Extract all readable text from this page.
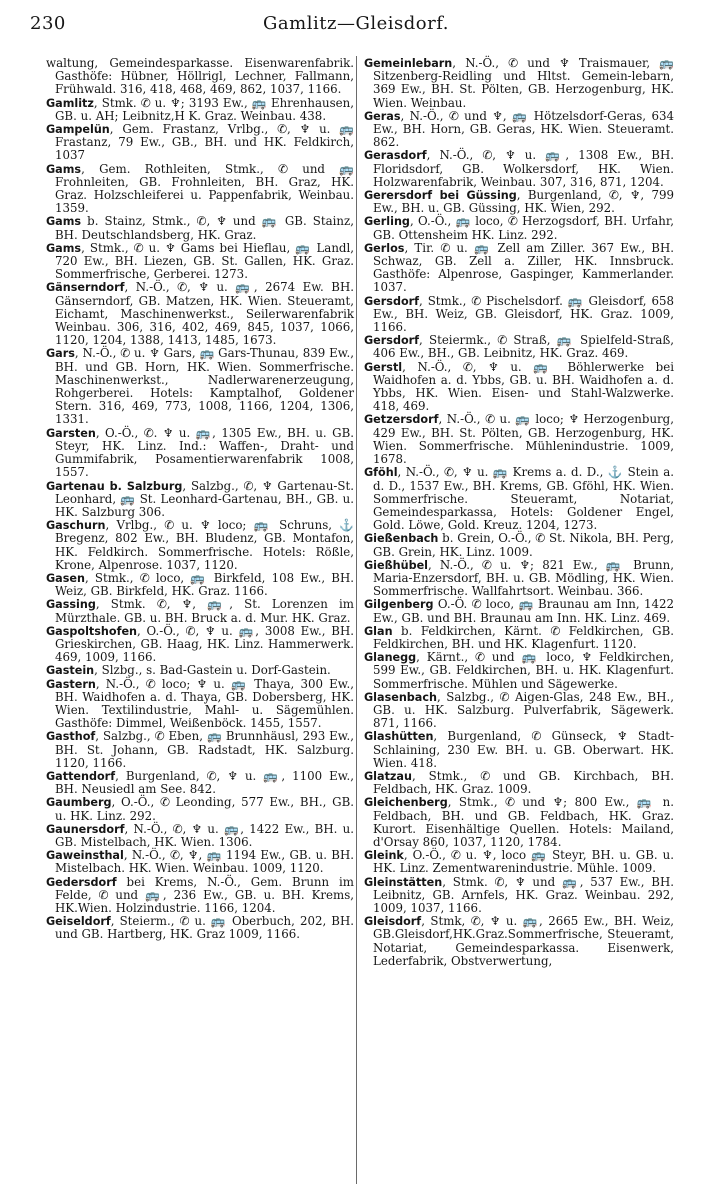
230	Gamlitz—Gleisdorf.

waltung, Gemeindesparkasse. Eisenwarenfabrik. Gasthöfe: Hübner, Höllrigl, Lechner, Fallmann, Frühwald. 316, 418, 468, 469, 862, 1037, 1166.

Gamlitz, Stmk. ✆ u. ♆; 3193 Ew., 🚌 Ehrenhausen, GB. u. AH; Leibnitz,H K. Graz. Weinbau. 438.

Gampelün, Gem. Frastanz, Vrlbg., ✆, ♆ u. 🚌 Frastanz, 79 Ew., GB., BH. und HK. Feldkirch, 1037

Gams, Gem. Rothleiten, Stmk., ✆ und 🚌 Frohnleiten, GB. Frohnleiten, BH. Graz, HK. Graz. Holzschleiferei u. Pappenfabrik, Weinbau. 1359.

Gams b. Stainz, Stmk., ✆, ♆ und 🚌 GB. Stainz, BH. Deutschlandsberg, HK. Graz.

Gams, Stmk., ✆ u. ♆ Gams bei Hieflau, 🚌 Landl, 720 Ew., BH. Liezen, GB. St. Gallen, HK. Graz. Sommerfrische, Gerberei. 1273.

Gänserndorf, N.-Ö., ✆, ♆ u. 🚌, 2674 Ew. BH. Gänserndorf, GB. Matzen, HK. Wien. Steueramt, Eichamt, Maschinenwerkst., Seilerwarenfabrik Weinbau. 306, 316, 402, 469, 845, 1037, 1066, 1120, 1204, 1388, 1413, 1485, 1673.

Gars, N.-Ö., ✆ u. ♆ Gars, 🚌 Gars-Thunau, 839 Ew., BH. und GB. Horn, HK. Wien. Sommerfrische. Maschinenwerkst., Nadlerwarenerzeugung, Rohgerberei. Hotels: Kamptalhof, Goldener Stern. 316, 469, 773, 1008, 1166, 1204, 1306, 1331.

Garsten, O.-Ö., ✆. ♆ u. 🚌, 1305 Ew., BH. u. GB. Steyr, HK. Linz. Ind.: Waffen-, Draht- und Gummifabrik, Posamentierwarenfabrik 1008, 1557.

Gartenau b. Salzburg, Salzbg., ✆, ♆ Gartenau-St. Leonhard, 🚌 St. Leonhard-Gartenau, BH., GB. u. HK. Salzburg 306.

Gaschurn, Vrlbg., ✆ u. ♆ loco; 🚌 Schruns, ⚓ Bregenz, 802 Ew., BH. Bludenz, GB. Montafon, HK. Feldkirch. Sommerfrische. Hotels: Rößle, Krone, Alpenrose. 1037, 1120.

Gasen, Stmk., ✆ loco, 🚌 Birkfeld, 108 Ew., BH. Weiz, GB. Birkfeld, HK. Graz. 1166.

Gassing, Stmk. ✆, ♆, 🚌, St. Lorenzen im Mürzthale. GB. u. BH. Bruck a. d. Mur. HK. Graz.

Gaspoltshofen, O.-Ö., ✆, ♆ u. 🚌, 3008 Ew., BH. Grieskirchen, GB. Haag, HK. Linz. Hammerwerk. 469, 1009, 1166.

Gastein, Slzbg., s. Bad-Gastein u. Dorf-Gastein.

Gastern, N.-Ö., ✆ loco; ♆ u. 🚌 Thaya, 300 Ew., BH. Waidhofen a. d. Thaya, GB. Dobersberg, HK. Wien. Textilindustrie, Mahl- u. Sägemühlen. Gasthöfe: Dimmel, Weißenböck. 1455, 1557.

Gasthof, Salzbg., ✆ Eben, 🚌 Brunnhäusl, 293 Ew., BH. St. Johann, GB. Radstadt, HK. Salzburg. 1120, 1166.

Gattendorf, Burgenland, ✆, ♆ u. 🚌, 1100 Ew., BH. Neusiedl am See. 842.

Gaumberg, O.-Ö., ✆ Leonding, 577 Ew., BH., GB. u. HK. Linz. 292.

Gaunersdorf, N.-Ö., ✆, ♆ u. 🚌, 1422 Ew., BH. u. GB. Mistelbach, HK. Wien. 1306.

Gaweinsthal, N.-Ö., ✆, ♆, 🚌 1194 Ew., GB. u. BH. Mistelbach. HK. Wien. Weinbau. 1009, 1120.

Gedersdorf bei Krems, N.-Ö., Gem. Brunn im Felde, ✆ und 🚌, 236 Ew., GB. u. BH. Krems, HK.Wien. Holzindustrie. 1166, 1204.

Geiseldorf, Steierm., ✆ u. 🚌 Oberbuch, 202, BH. und GB. Hartberg, HK. Graz 1009, 1166.

Gemeinlebarn, N.-Ö., ✆ und ♆ Traismauer, 🚌 Sitzenberg-Reidling und Hltst. Gemein-lebarn, 369 Ew., BH. St. Pölten, GB. Herzogenburg, HK. Wien. Weinbau.

Geras, N.-Ö., ✆ und ♆, 🚌 Hötzelsdorf-Geras, 634 Ew., BH. Horn, GB. Geras, HK. Wien. Steueramt. 862.

Gerasdorf, N.-Ö., ✆, ♆ u. 🚌, 1308 Ew., BH. Floridsdorf, GB. Wolkersdorf, HK. Wien. Holzwarenfabrik, Weinbau. 307, 316, 871, 1204.

Gerersdorf bei Güssing, Burgenland, ✆, ♆, 799 Ew., BH. u. GB. Güssing, HK. Wien, 292.

Gerling, O.-Ö., 🚌 loco, ✆ Herzogsdorf, BH. Urfahr, GB. Ottensheim HK. Linz. 292.

Gerlos, Tir. ✆ u. 🚌 Zell am Ziller. 367 Ew., BH. Schwaz, GB. Zell a. Ziller, HK. Innsbruck. Gasthöfe: Alpenrose, Gaspinger, Kammerlander. 1037.

Gersdorf, Stmk., ✆ Pischelsdorf. 🚌 Gleisdorf, 658 Ew., BH. Weiz, GB. Gleisdorf, HK. Graz. 1009, 1166.

Gersdorf, Steiermk., ✆ Straß, 🚌 Spielfeld-Straß, 406 Ew., BH., GB. Leibnitz, HK. Graz. 469.

Gerstl, N.-Ö., ✆, ♆ u. 🚌 Böhlerwerke bei Waidhofen a. d. Ybbs, GB. u. BH. Waidhofen a. d. Ybbs, HK. Wien. Eisen- und Stahl-Walzwerke. 418, 469.

Getzersdorf, N.-Ö., ✆ u. 🚌 loco; ♆ Herzogenburg, 429 Ew., BH. St. Pölten, GB. Herzogenburg, HK. Wien. Sommerfrische. Mühlenindustrie. 1009, 1678.

Gföhl, N.-Ö., ✆, ♆ u. 🚌 Krems a. d. D., ⚓ Stein a. d. D., 1537 Ew., BH. Krems, GB. Gföhl, HK. Wien. Sommerfrische. Steueramt, Notariat, Gemeindesparkassa, Hotels: Goldener Engel, Gold. Löwe, Gold. Kreuz. 1204, 1273.

Gießenbach b. Grein, O.-Ö., ✆ St. Nikola, BH. Perg, GB. Grein, HK. Linz. 1009.

Gießhübel, N.-Ö., ✆ u. ♆; 821 Ew., 🚌 Brunn, Maria-Enzersdorf, BH. u. GB. Mödling, HK. Wien. Sommerfrische. Wallfahrtsort. Weinbau. 366.

Gilgenberg O.-Ö. ✆ loco, 🚌 Braunau am Inn, 1422 Ew., GB. und BH. Braunau am Inn. HK. Linz. 469.

Glan b. Feldkirchen, Kärnt. ✆ Feldkirchen, GB. Feldkirchen, BH. und HK. Klagenfurt. 1120.

Glanegg, Kärnt., ✆ und 🚌 loco, ♆ Feldkirchen, 599 Ew., GB. Feldkirchen, BH. u. HK. Klagenfurt. Sommerfrische. Mühlen und Sägewerke.

Glasenbach, Salzbg., ✆ Aigen-Glas, 248 Ew., BH., GB. u. HK. Salzburg. Pulverfabrik, Sägewerk. 871, 1166.

Glashütten, Burgenland, ✆ Günseck, ♆ Stadt-Schlaining, 230 Ew. BH. u. GB. Oberwart. HK. Wien. 418.

Glatzau, Stmk., ✆ und GB. Kirchbach, BH. Feldbach, HK. Graz. 1009.

Gleichenberg, Stmk., ✆ und ♆; 800 Ew., 🚌 n. Feldbach, BH. und GB. Feldbach, HK. Graz. Kurort. Eisenhältige Quellen. Hotels: Mailand, d'Orsay 860, 1037, 1120, 1784.

Gleink, O.-Ö., ✆ u. ♆, loco 🚌 Steyr, BH. u. GB. u. HK. Linz. Zementwarenindustrie. Mühle. 1009.

Gleinstätten, Stmk. ✆, ♆ und 🚌, 537 Ew., BH. Leibnitz, GB. Arnfels, HK. Graz. Weinbau. 292, 1009, 1037, 1166.

Gleisdorf, Stmk, ✆, ♆ u. 🚌, 2665 Ew., BH. Weiz, GB.Gleisdorf,HK.Graz.Sommerfrische, Steueramt, Notariat, Gemeindesparkassa. Eisenwerk, Lederfabrik, Obstverwertung,
